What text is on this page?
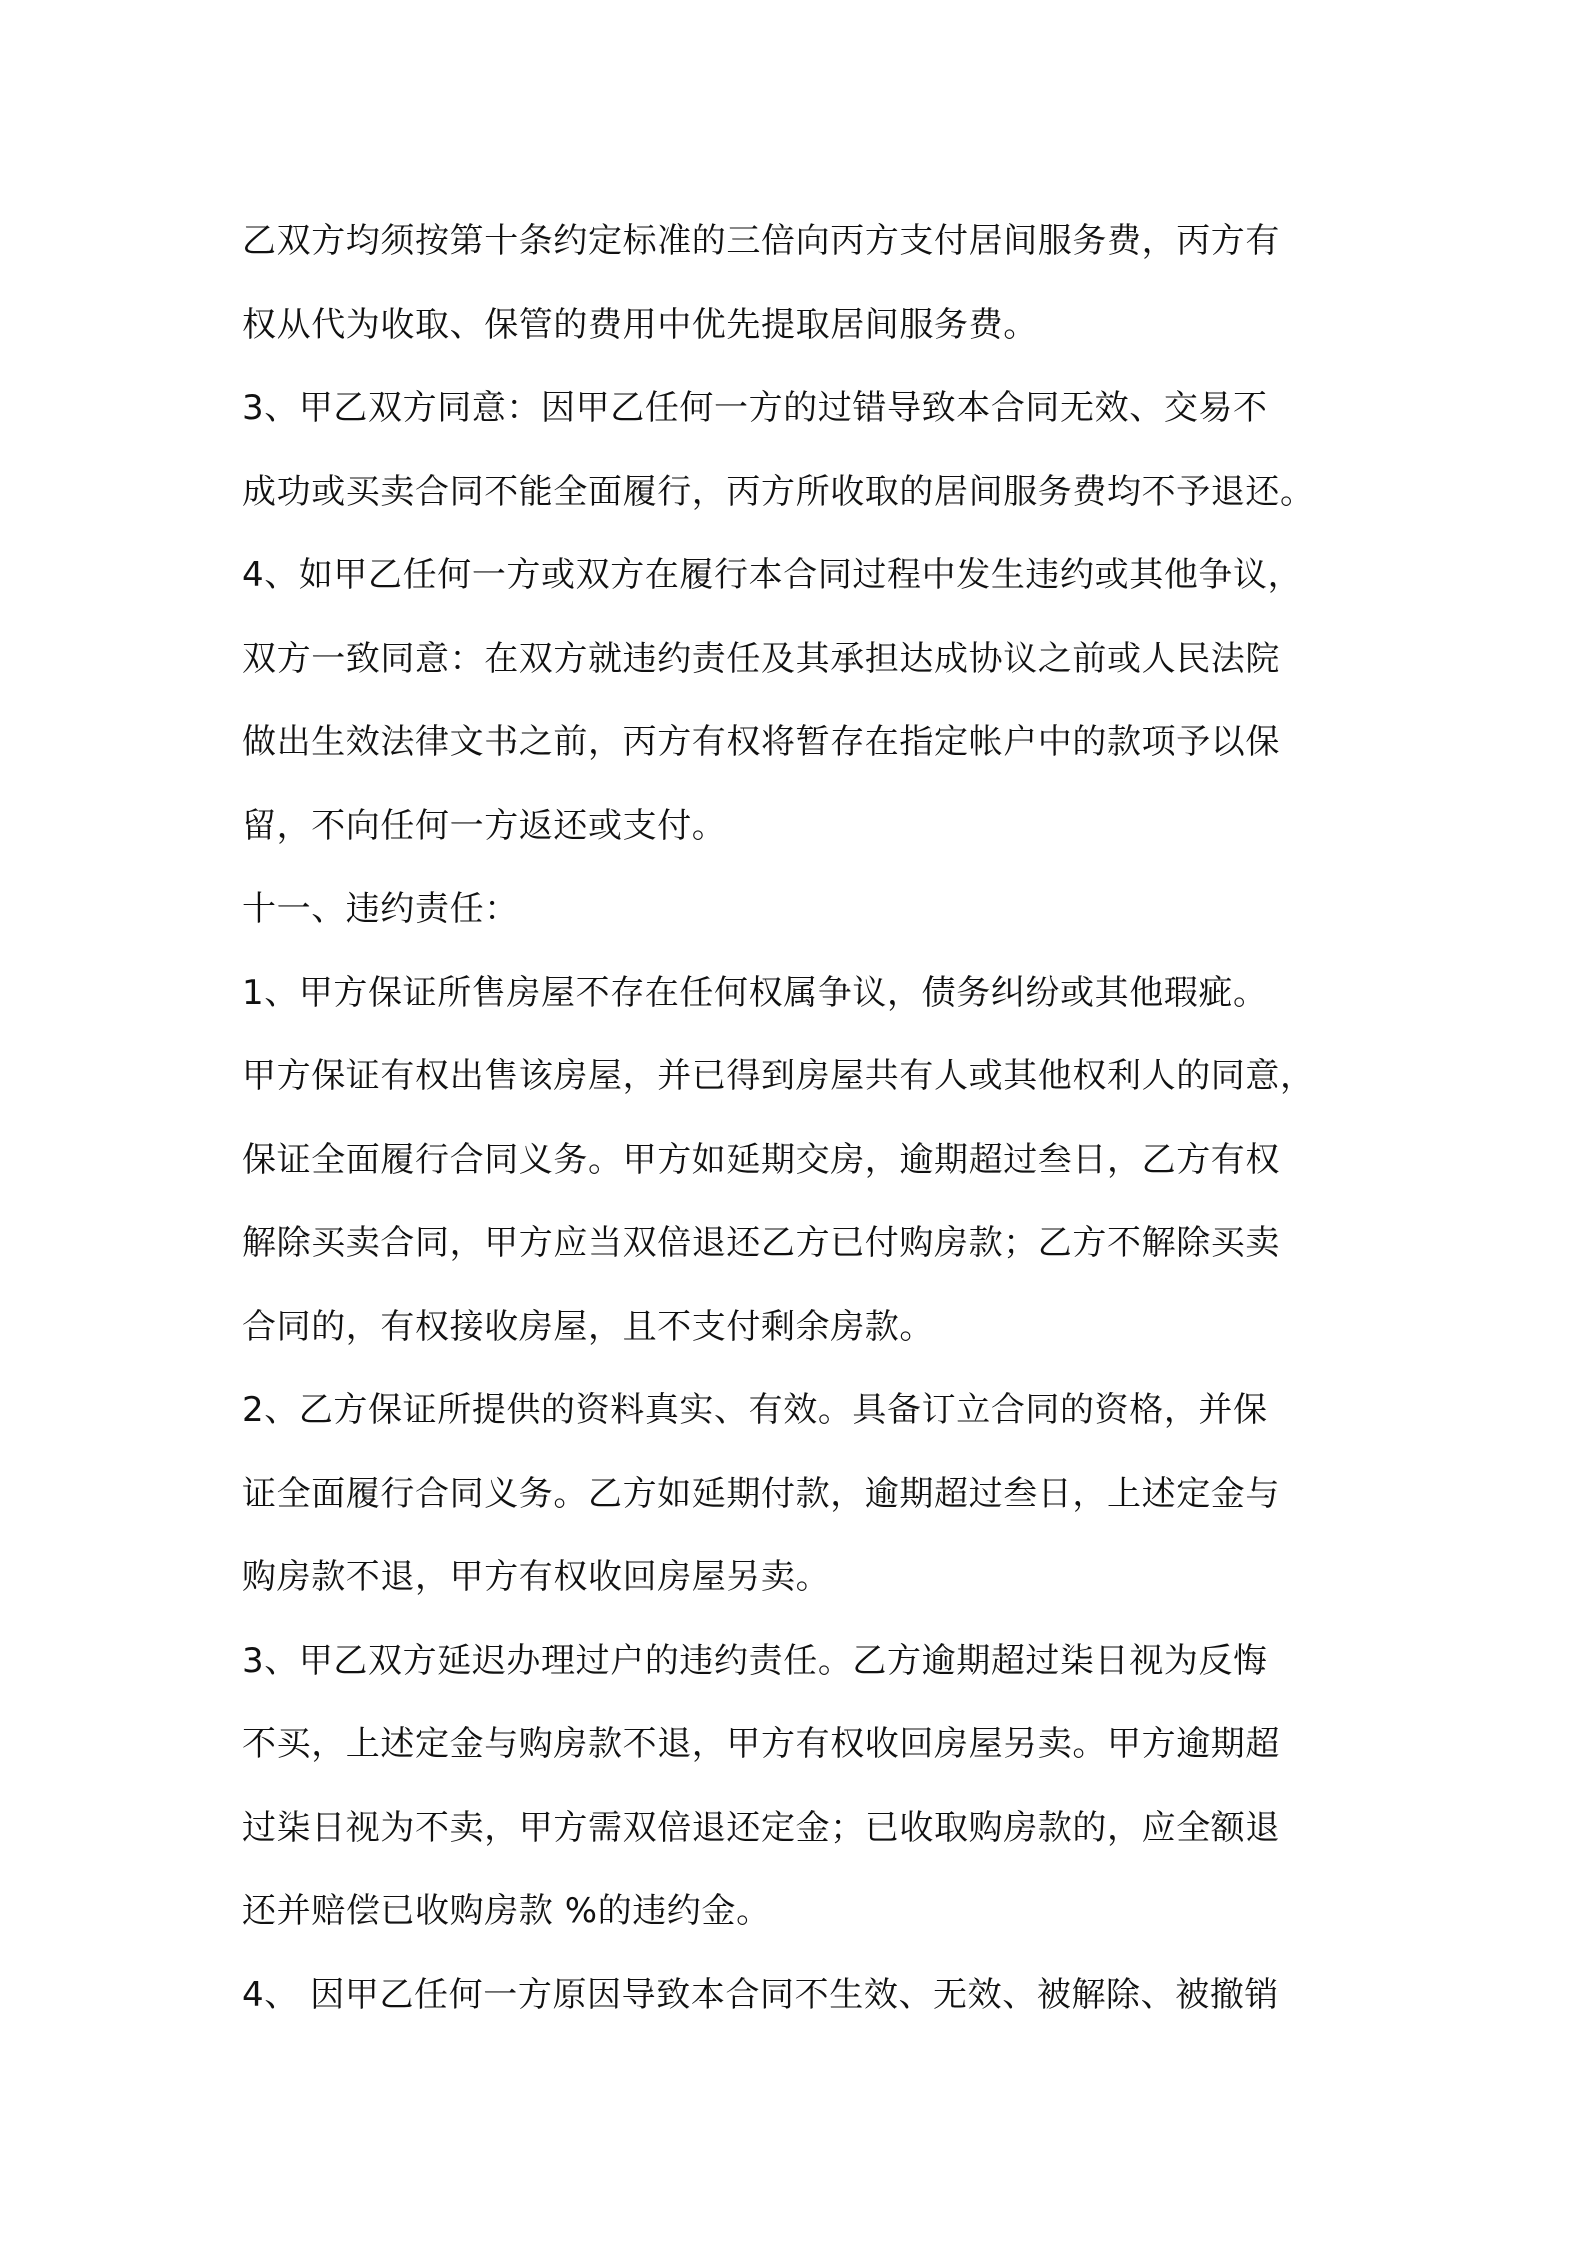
乙双方均须按第十条约定标准的三倍向丙方支付居间服务费，丙方有
权从代为收取、保管的费用中优先提取居间服务费。
3、甲乙双方同意：因甲乙任何一方的过错导致本合同无效、交易不
成功或买卖合同不能全面履行，丙方所收取的居间服务费均不予退还。
4、如甲乙任何一方或双方在履行本合同过程中发生违约或其他争议，
双方一致同意：在双方就违约责任及其承担达成协议之前或人民法院
做出生效法律文书之前，丙方有权将暂存在指定帐户中的款项予以保
留，不向任何一方返还或支付。
十一、违约责任：
1、甲方保证所售房屋不存在任何权属争议，债务纠纷或其他瑕疵。
甲方保证有权出售该房屋，并已得到房屋共有人或其他权利人的同意，
保证全面履行合同义务。甲方如延期交房，逾期超过叁日，乙方有权
解除买卖合同，甲方应当双倍退还乙方已付购房款；乙方不解除买卖
合同的，有权接收房屋，且不支付剩余房款。
2、乙方保证所提供的资料真实、有效。具备订立合同的资格，并保
证全面履行合同义务。乙方如延期付款，逾期超过叁日，上述定金与
购房款不退，甲方有权收回房屋另卖。
3、甲乙双方延迟办理过户的违约责任。乙方逾期超过柒日视为反悔
不买，上述定金与购房款不退，甲方有权收回房屋另卖。甲方逾期超
过柒日视为不卖，甲方需双倍退还定金；已收取购房款的，应全额退
还并赔偿已收购房款 %的违约金。
4、 因甲乙任何一方原因导致本合同不生效、无效、被解除、被撤销
